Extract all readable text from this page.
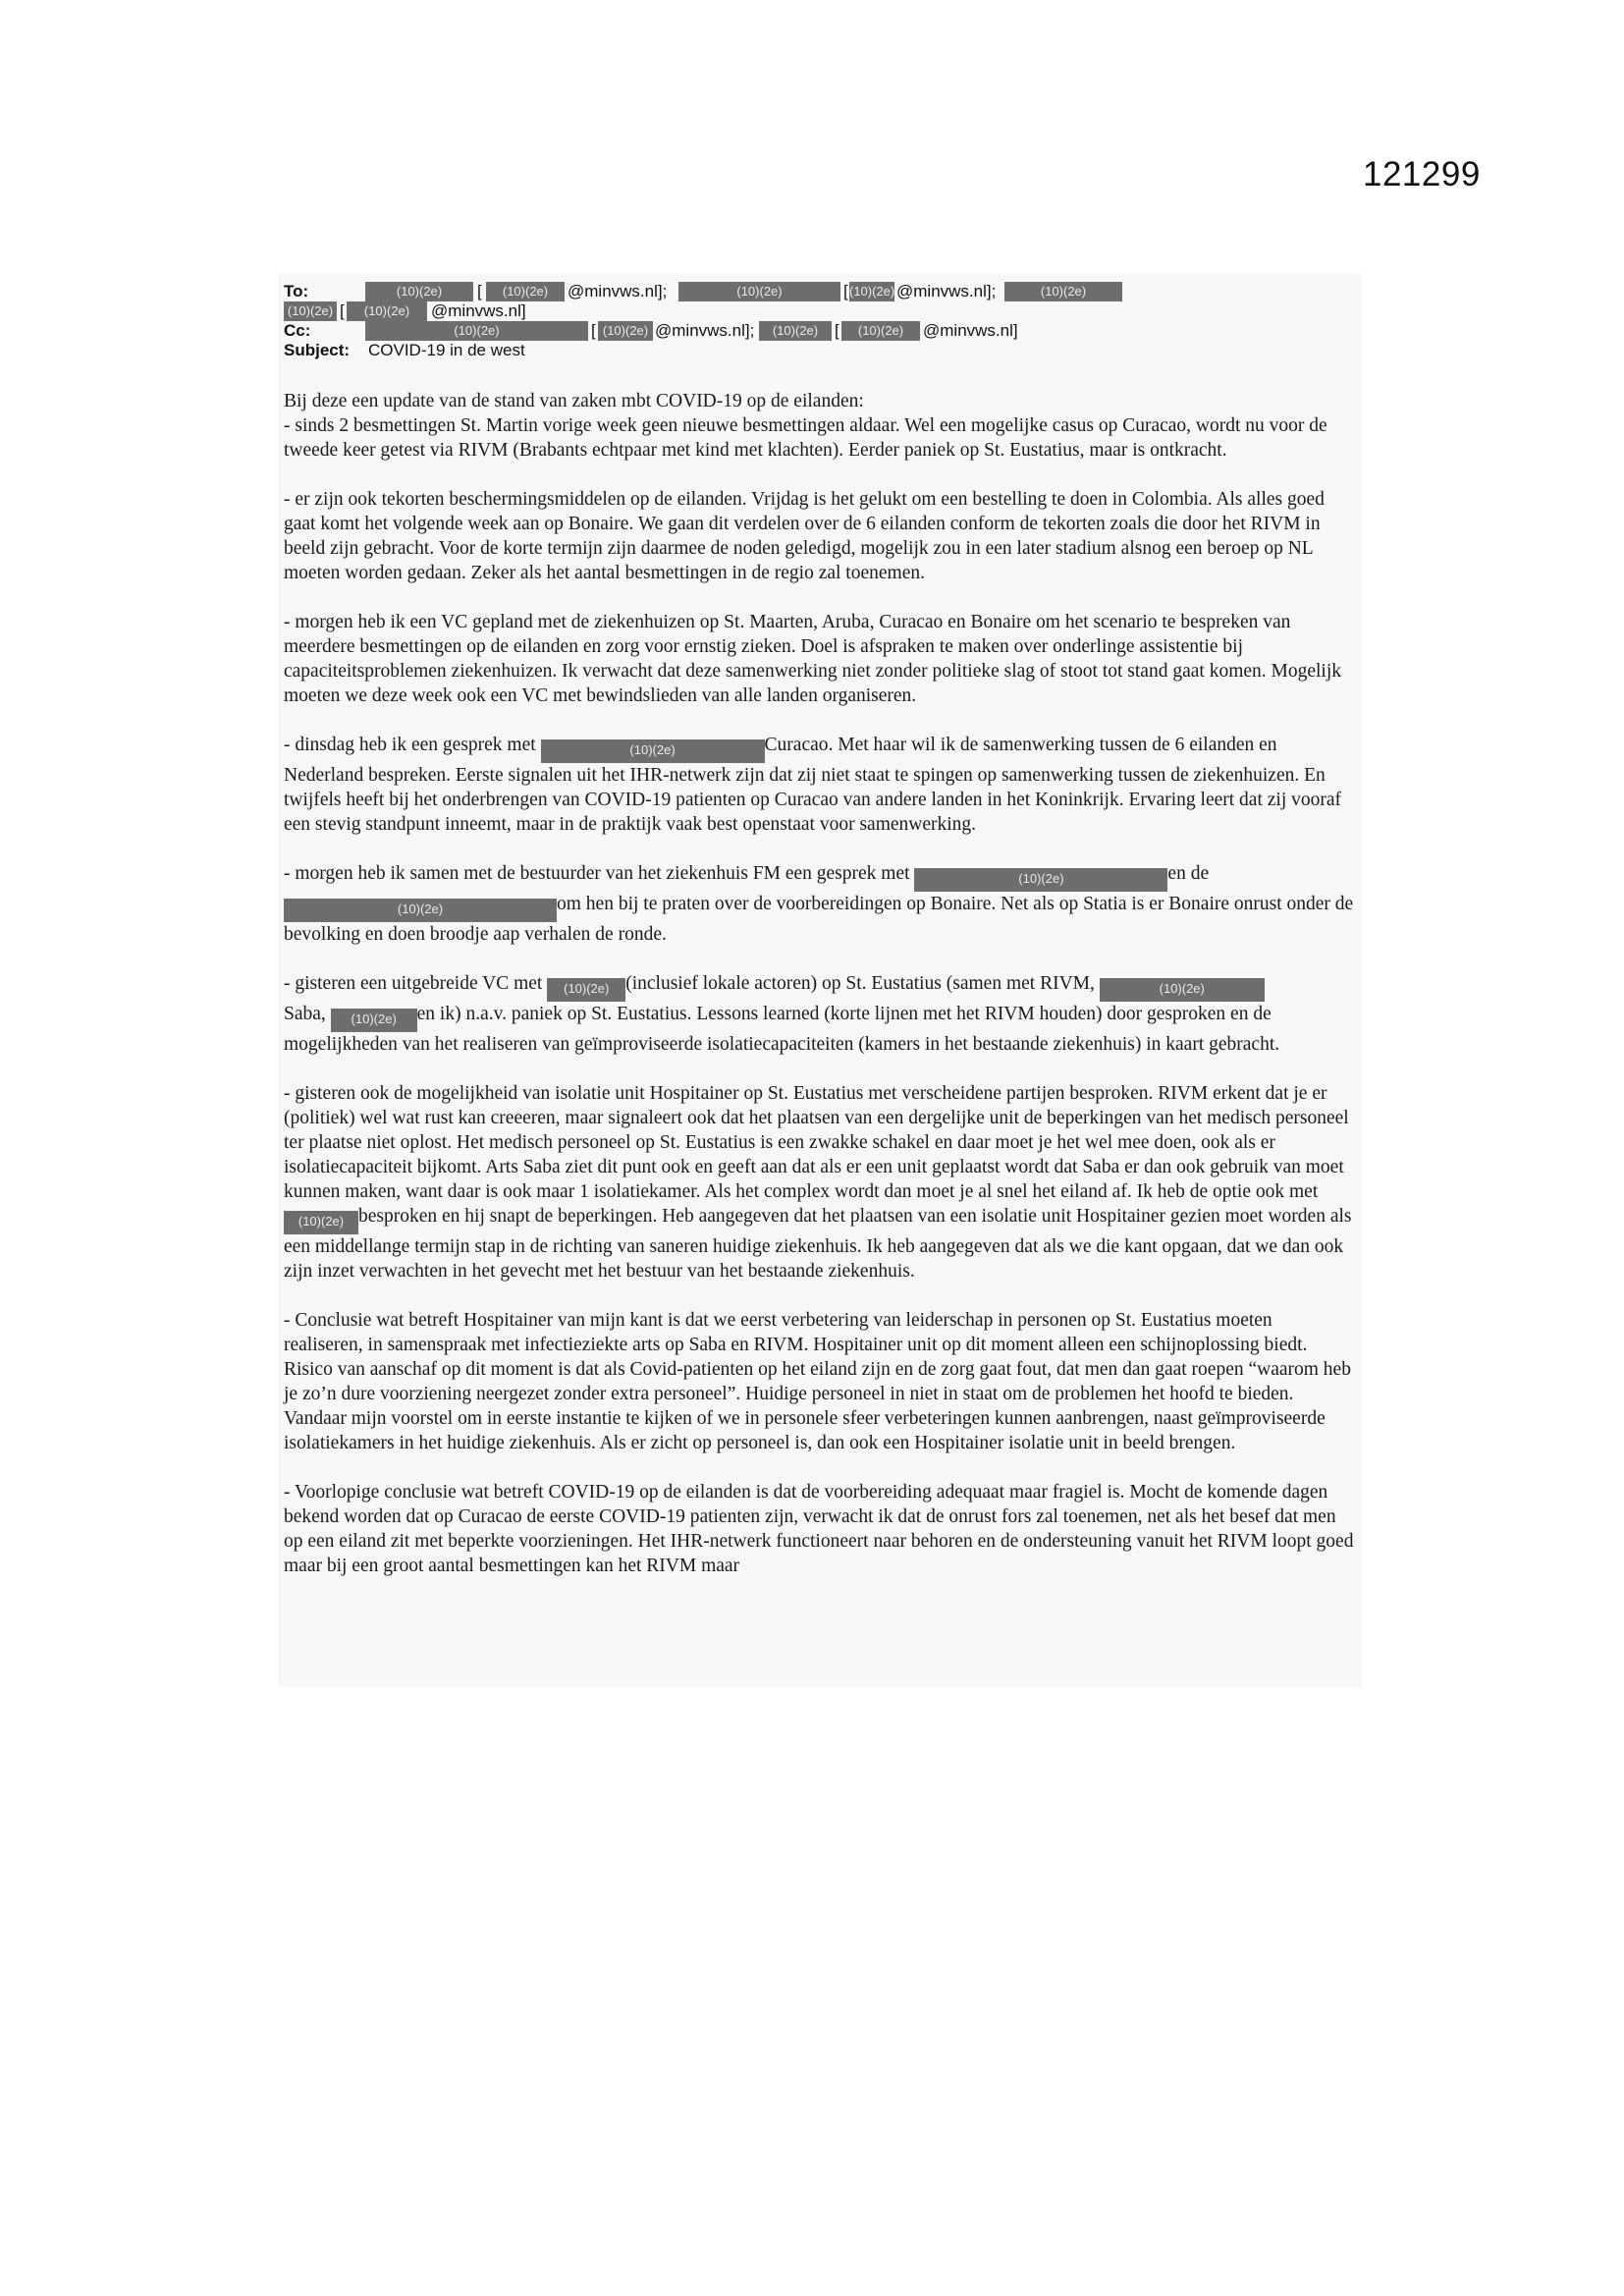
121299
To:	(10)(2e)	[	(10)(2e)	@minvws.nl];	(10)(2e)	[ (10)(2e) @minvws.nl];	(10)(2e)
(10)(2e) [	(10)(2e)	@minvws.nl]
Cc:	(10)(2e)	[ (10)(2e) @minvws.nl];	(10)(2e) [	(10)(2e)	@minvws.nl]
Subject: COVID-19 in de west

Bij deze een update van de stand van zaken mbt COVID-19 op de eilanden:
- sinds 2 besmettingen St. Martin vorige week geen nieuwe besmettingen aldaar. Wel een mogelijke casus op Curacao, wordt nu voor de tweede keer getest via RIVM (Brabants echtpaar met kind met klachten). Eerder paniek op St. Eustatius, maar is ontkracht.

- er zijn ook tekorten beschermingsmiddelen op de eilanden. Vrijdag is het gelukt om een bestelling te doen in Colombia. Als alles goed gaat komt het volgende week aan op Bonaire. We gaan dit verdelen over de 6 eilanden conform de tekorten zoals die door het RIVM in beeld zijn gebracht. Voor de korte termijn zijn daarmee de noden geledigd, mogelijk zou in een later stadium alsnog een beroep op NL moeten worden gedaan. Zeker als het aantal besmettingen in de regio zal toenemen.

- morgen heb ik een VC gepland met de ziekenhuizen op St. Maarten, Aruba, Curacao en Bonaire om het scenario te bespreken van meerdere besmettingen op de eilanden en zorg voor ernstig zieken. Doel is afspraken te maken over onderlinge assistentie bij capaciteitsproblemen ziekenhuizen. Ik verwacht dat deze samenwerking niet zonder politieke slag of stoot tot stand gaat komen. Mogelijk moeten we deze week ook een VC met bewindslieden van alle landen organiseren.

- dinsdag heb ik een gesprek met	(10)(2e)	Curacao. Met haar wil ik de samenwerking tussen de 6 eilanden en Nederland bespreken. Eerste signalen uit het IHR-netwerk zijn dat zij niet staat te spingen op samenwerking tussen de ziekenhuizen. En twijfels heeft bij het onderbrengen van COVID-19 patienten op Curacao van andere landen in het Koninkrijk. Ervaring leert dat zij vooraf een stevig standpunt inneemt, maar in de praktijk vaak best openstaat voor samenwerking.

- morgen heb ik samen met de bestuurder van het ziekenhuis FM een gesprek met	(10)(2e)	en de
(10)(2e)	om hen bij te praten over de voorbereidingen op Bonaire. Net als op Statia is er Bonaire onrust onder de bevolking en doen broodje aap verhalen de ronde.

- gisteren een uitgebreide VC met (10)(2e) (inclusief lokale actoren) op St. Eustatius (samen met RIVM,	(10)(2e)
Saba, (10)(2e) en ik) n.a.v. paniek op St. Eustatius. Lessons learned (korte lijnen met het RIVM houden) door gesproken en de mogelijkheden van het realiseren van geïmproviseerde isolatiecapaciteiten (kamers in het bestaande ziekenhuis) in kaart gebracht.

- gisteren ook de mogelijkheid van isolatie unit Hospitainer op St. Eustatius met verscheidene partijen besproken. RIVM erkent dat je er (politiek) wel wat rust kan creeeren, maar signaleert ook dat het plaatsen van een dergelijke unit de beperkingen van het medisch personeel ter plaatse niet oplost. Het medisch personeel op St. Eustatius is een zwakke schakel en daar moet je het wel mee doen, ook als er isolatiecapaciteit bijkomt. Arts Saba ziet dit punt ook en geeft aan dat als er een unit geplaatst wordt dat Saba er dan ook gebruik van moet kunnen maken, want daar is ook maar 1 isolatiekamer. Als het complex wordt dan moet je al snel het eiland af. Ik heb de optie ook met (10)(2e) besproken en hij snapt de beperkingen. Heb aangegeven dat het plaatsen van een isolatie unit Hospitainer gezien moet worden als een middellange termijn stap in de richting van saneren huidige ziekenhuis. Ik heb aangegeven dat als we die kant opgaan, dat we dan ook zijn inzet verwachten in het gevecht met het bestuur van het bestaande ziekenhuis.

- Conclusie wat betreft Hospitainer van mijn kant is dat we eerst verbetering van leiderschap in personen op St. Eustatius moeten realiseren, in samenspraak met infectieziekte arts op Saba en RIVM. Hospitainer unit op dit moment alleen een schijnoplossing biedt. Risico van aanschaf op dit moment is dat als Covid-patienten op het eiland zijn en de zorg gaat fout, dat men dan gaat roepen “waarom heb je zo’n dure voorziening neergezet zonder extra personeel”. Huidige personeel in niet in staat om de problemen het hoofd te bieden. Vandaar mijn voorstel om in eerste instantie te kijken of we in personele sfeer verbeteringen kunnen aanbrengen, naast geïmproviseerde isolatiekamers in het huidige ziekenhuis. Als er zicht op personeel is, dan ook een Hospitainer isolatie unit in beeld brengen.

- Voorlopige conclusie wat betreft COVID-19 op de eilanden is dat de voorbereiding adequaat maar fragiel is. Mocht de komende dagen bekend worden dat op Curacao de eerste COVID-19 patienten zijn, verwacht ik dat de onrust fors zal toenemen, net als het besef dat men op een eiland zit met beperkte voorzieningen. Het IHR-netwerk functioneert naar behoren en de ondersteuning vanuit het RIVM loopt goed maar bij een groot aantal besmettingen kan het RIVM maar
